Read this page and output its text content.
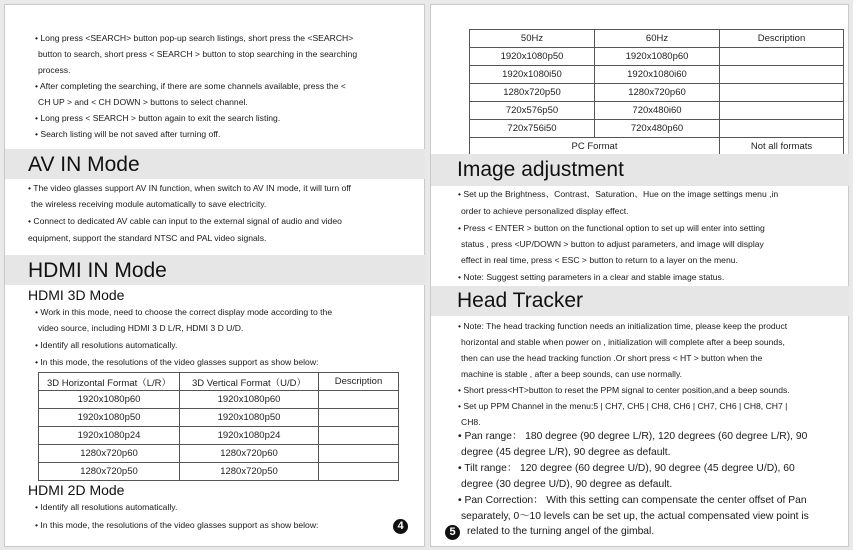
• Long press <SEARCH> button pop-up search listings, short press the <SEARCH>
button to search, short press < SEARCH > button to stop searching in the searching
process.
• After completing the searching, if there are some channels available, press the <
CH UP > and < CH DOWN > buttons to select channel.
• Long press < SEARCH > button again to exit the search listing.
• Search listing will be not saved after turning off.
AV IN Mode
• The video glasses support AV IN function, when switch to AV IN mode, it will turn off
the wireless receiving module automatically to save electricity.
• Connect to dedicated AV cable can input to the external signal of audio and video
equipment, support the standard NTSC and PAL video signals.
HDMI IN Mode
HDMI 3D Mode
• Work in this mode, need to choose the correct display mode according to the
video source, including HDMI 3 D L/R, HDMI 3 D U/D.
• Identify all resolutions automatically.
• In this mode, the resolutions of the video glasses support as show below:
3D Horizontal Format（L/R）	3D Vertical Format（U/D）	Description
1920x1080p60	1920x1080p60	
1920x1080p50	1920x1080p50	
1920x1080p24	1920x1080p24	
1280x720p60	1280x720p60	
1280x720p50	1280x720p50	
HDMI 2D Mode
• Identify all resolutions automatically.
• In this mode, the resolutions of the video glasses support as show below:	4
50Hz	60Hz	Description
1920x1080p50	1920x1080p60	
1920x1080i50	1920x1080i60	
1280x720p50	1280x720p60	
720x576p50	720x480i60	
720x756i50	720x480p60	
PC Format		Not all formats
Image adjustment
• Set up the Brightness、Contrast、Saturation、Hue on the image settings menu ,in
order to achieve personalized display effect.
• Press < ENTER > button on the functional option to set up will enter into setting
status , press <UP/DOWN > button to adjust parameters, and image will display
effect in real time, press < ESC > button to return to a layer on the menu.
• Note: Suggest setting parameters in a clear and stable image status.
Head Tracker
• Note: The head tracking function needs an initialization time, please keep the product
horizontal and stable when power on , initialization will complete after a beep sounds,
then can use the head tracking function .Or short press < HT > button when the
machine is stable , after a beep sounds, can use normally.
• Short press<HT>button to reset the PPM signal to center position,and a beep sounds.
• Set up PPM Channel in the menu:5 | CH7, CH5 | CH8, CH6 | CH7, CH6 | CH8, CH7 |
CH8.
• Pan range： 180 degree (90 degree L/R), 120 degrees (60 degree L/R), 90
degree (45 degree L/R), 90 degree as default.
• Tilt range： 120 degree (60 degree U/D), 90 degree (45 degree U/D), 60
degree (30 degree U/D), 90 degree as default.
• Pan Correction： With this setting can compensate the center offset of Pan
separately, 0～10 levels can be set up, the actual compensated view point is
related to the turning angel of the gimbal.
5
